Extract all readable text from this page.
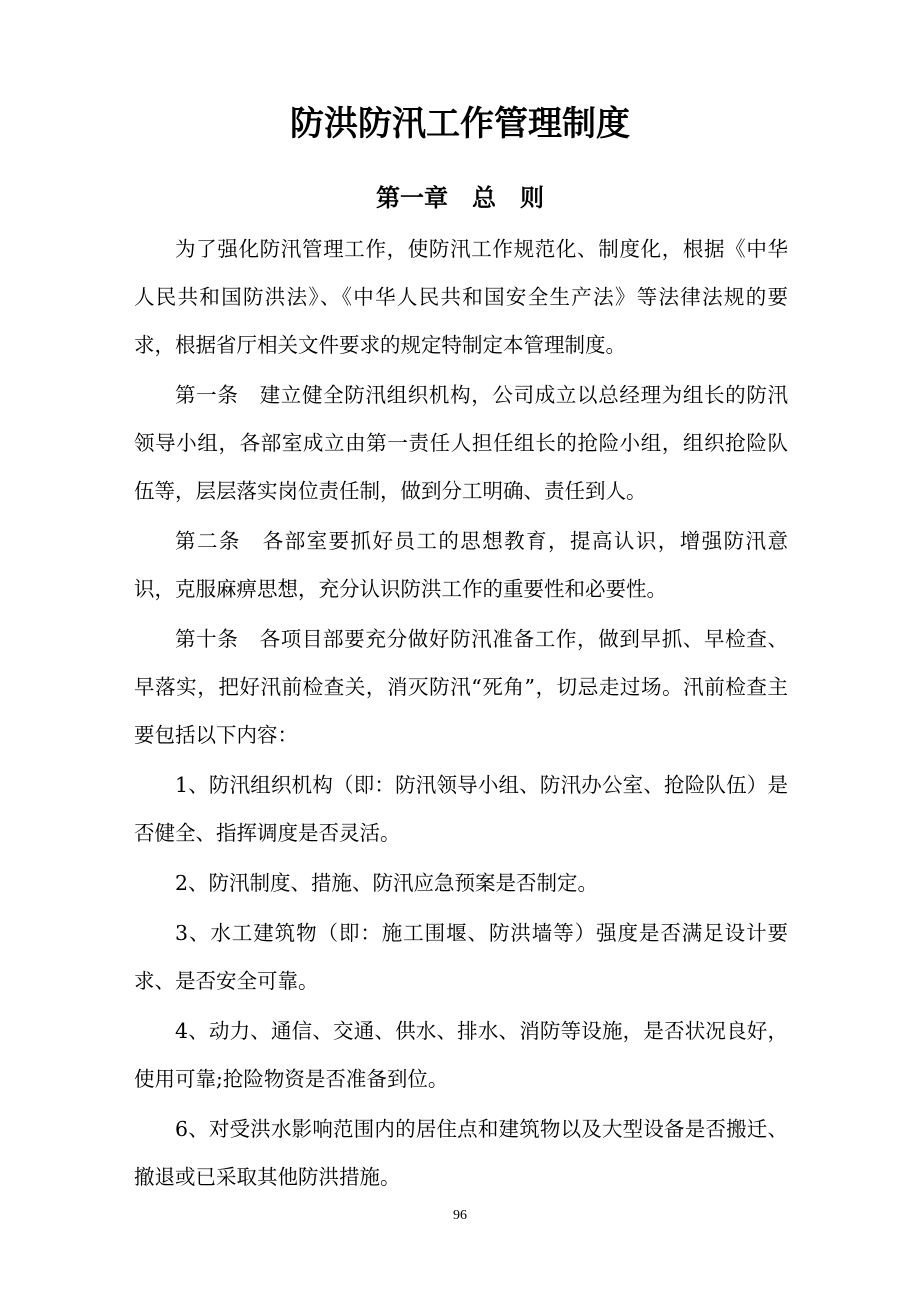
防洪防汛工作管理制度
第一章　总　则

为了强化防汛管理工作，使防汛工作规范化、制度化，根据《中华人民共和国防洪法》、《中华人民共和国安全生产法》等法律法规的要求，根据省厅相关文件要求的规定特制定本管理制度。

第一条　建立健全防汛组织机构，公司成立以总经理为组长的防汛领导小组，各部室成立由第一责任人担任组长的抢险小组，组织抢险队伍等，层层落实岗位责任制，做到分工明确、责任到人。

第二条　各部室要抓好员工的思想教育，提高认识，增强防汛意识，克服麻痹思想，充分认识防洪工作的重要性和必要性。

第十条　各项目部要充分做好防汛准备工作，做到早抓、早检查、早落实，把好汛前检查关，消灭防汛“死角”，切忌走过场。汛前检查主要包括以下内容：

1、防汛组织机构（即：防汛领导小组、防汛办公室、抢险队伍）是否健全、指挥调度是否灵活。

2、防汛制度、措施、防汛应急预案是否制定。

3、水工建筑物（即：施工围堰、防洪墙等）强度是否满足设计要求、是否安全可靠。

4、动力、通信、交通、供水、排水、消防等设施，是否状况良好，使用可靠;抢险物资是否准备到位。

6、对受洪水影响范围内的居住点和建筑物以及大型设备是否搬迁、撤退或已采取其他防洪措施。

96
